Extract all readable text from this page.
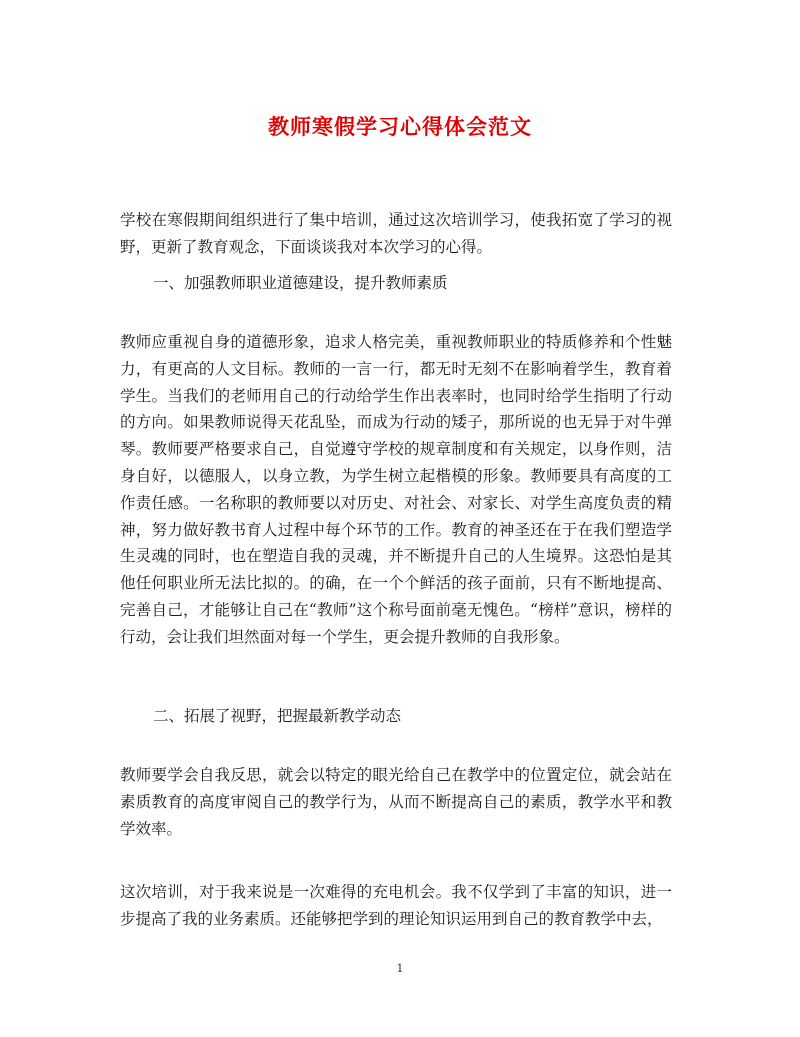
教师寒假学习心得体会范文

学校在寒假期间组织进行了集中培训，通过这次培训学习，使我拓宽了学习的视野，更新了教育观念，下面谈谈我对本次学习的心得。

一、加强教师职业道德建设，提升教师素质

教师应重视自身的道德形象，追求人格完美，重视教师职业的特质修养和个性魅力，有更高的人文目标。教师的一言一行，都无时无刻不在影响着学生，教育着学生。当我们的老师用自己的行动给学生作出表率时，也同时给学生指明了行动的方向。如果教师说得天花乱坠，而成为行动的矮子，那所说的也无异于对牛弹琴。教师要严格要求自己，自觉遵守学校的规章制度和有关规定，以身作则，洁身自好，以德服人，以身立教，为学生树立起楷模的形象。教师要具有高度的工作责任感。一名称职的教师要以对历史、对社会、对家长、对学生高度负责的精神，努力做好教书育人过程中每个环节的工作。教育的神圣还在于在我们塑造学生灵魂的同时，也在塑造自我的灵魂，并不断提升自己的人生境界。这恐怕是其他任何职业所无法比拟的。的确，在一个个鲜活的孩子面前，只有不断地提高、完善自己，才能够让自己在“教师”这个称号面前毫无愧色。“榜样”意识，榜样的行动，会让我们坦然面对每一个学生，更会提升教师的自我形象。

二、拓展了视野，把握最新教学动态

教师要学会自我反思，就会以特定的眼光给自己在教学中的位置定位，就会站在素质教育的高度审阅自己的教学行为，从而不断提高自己的素质，教学水平和教学效率。

这次培训，对于我来说是一次难得的充电机会。我不仅学到了丰富的知识，进一步提高了我的业务素质。还能够把学到的理论知识运用到自己的教育教学中去，

1
